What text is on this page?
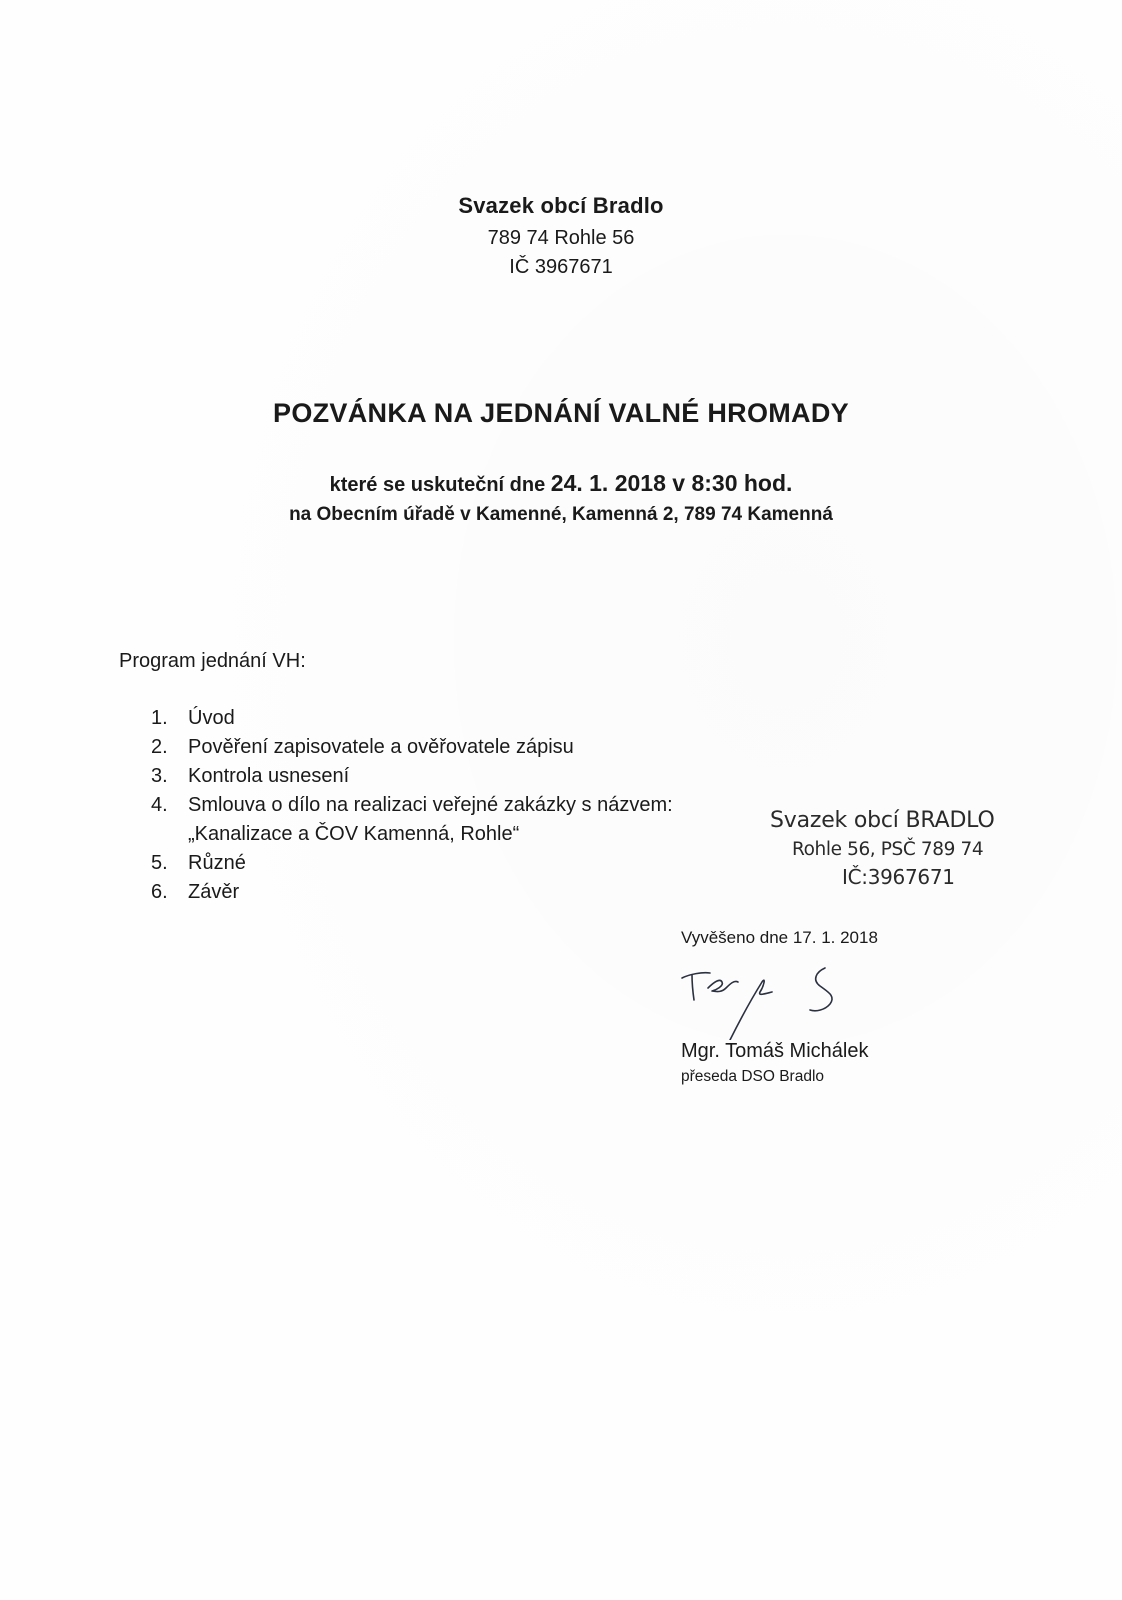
Svazek obcí Bradlo
789 74 Rohle 56
IČ 3967671
POZVÁNKA NA JEDNÁNÍ VALNÉ HROMADY
které se uskuteční dne 24. 1. 2018 v 8:30 hod.
na Obecním úřadě v Kamenné, Kamenná 2, 789 74 Kamenná
Program jednání VH:
1.	Úvod
2.	Pověření zapisovatele a ověřovatele zápisu
3.	Kontrola usnesení
4.	Smlouva o dílo na realizaci veřejné zakázky s názvem:
„Kanalizace a ČOV Kamenná, Rohle“
5.	Různé
6.	Závěr
Svazek obcí BRADLO
Rohle 56, PSČ 789 74
IČ:3967671
Vyvěšeno dne 17. 1. 2018
Mgr. Tomáš Michálek
přeseda DSO Bradlo
